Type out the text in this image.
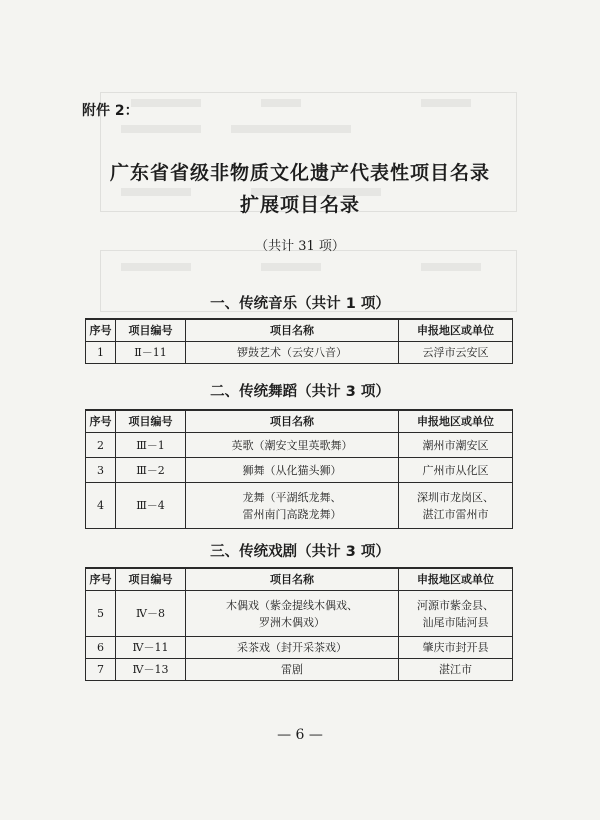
附件 2：
广东省省级非物质文化遗产代表性项目名录
扩展项目名录
（共计 31 项）
一、传统音乐（共计 1 项）
序号	项目编号	项目名称	申报地区或单位
1	Ⅱ－11	锣鼓艺术（云安八音）	云浮市云安区
二、传统舞蹈（共计 3 项）
序号	项目编号	项目名称	申报地区或单位
2	Ⅲ－1	英歌（潮安文里英歌舞）	潮州市潮安区

3	Ⅲ－2	狮舞（从化猫头狮）	广州市从化区

4	Ⅲ－4	龙舞（平湖纸龙舞、
雷州南门高跷龙舞）	深圳市龙岗区、
湛江市雷州市
三、传统戏剧（共计 3 项）
序号	项目编号	项目名称	申报地区或单位
5	Ⅳ－8	木偶戏（紫金提线木偶戏、
罗洲木偶戏）	河源市紫金县、
汕尾市陆河县

6	Ⅳ－11	采茶戏（封开采茶戏）	肇庆市封开县

7	Ⅳ－13	雷剧	湛江市
— 6 —
